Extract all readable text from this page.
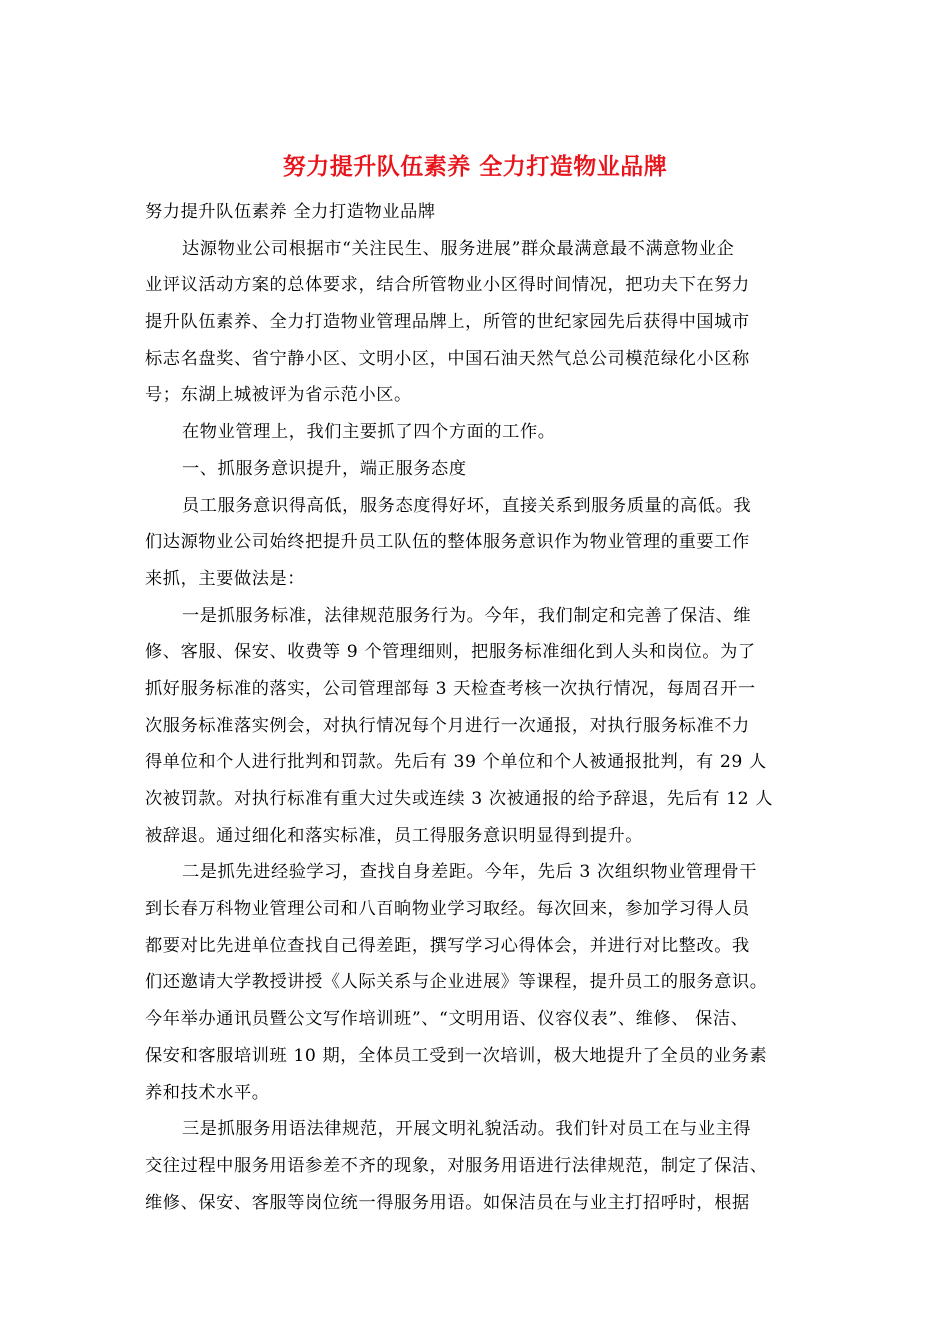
努力提升队伍素养 全力打造物业品牌
努力提升队伍素养 全力打造物业品牌
达源物业公司根据市“关注民生、服务进展”群众最满意最不满意物业企
业评议活动方案的总体要求，结合所管物业小区得时间情况，把功夫下在努力
提升队伍素养、全力打造物业管理品牌上，所管的世纪家园先后获得中国城市
标志名盘奖、省宁静小区、文明小区，中国石油天然气总公司模范绿化小区称
号；东湖上城被评为省示范小区。
在物业管理上，我们主要抓了四个方面的工作。
一、抓服务意识提升，端正服务态度
员工服务意识得高低，服务态度得好坏，直接关系到服务质量的高低。我
们达源物业公司始终把提升员工队伍的整体服务意识作为物业管理的重要工作
来抓，主要做法是：
一是抓服务标准，法律规范服务行为。今年，我们制定和完善了保洁、维
修、客服、保安、收费等 9 个管理细则，把服务标准细化到人头和岗位。为了
抓好服务标准的落实，公司管理部每 3 天检查考核一次执行情况，每周召开一
次服务标准落实例会，对执行情况每个月进行一次通报，对执行服务标准不力
得单位和个人进行批判和罚款。先后有 39 个单位和个人被通报批判，有 29 人
次被罚款。对执行标准有重大过失或连续 3 次被通报的给予辞退，先后有 12 人
被辞退。通过细化和落实标准，员工得服务意识明显得到提升。
二是抓先进经验学习，查找自身差距。今年，先后 3 次组织物业管理骨干
到长春万科物业管理公司和八百晌物业学习取经。每次回来，参加学习得人员
都要对比先进单位查找自己得差距，撰写学习心得体会，并进行对比整改。我
们还邀请大学教授讲授《人际关系与企业进展》等课程，提升员工的服务意识。
今年举办通讯员暨公文写作培训班”、“文明用语、仪容仪表”、维修、 保洁、
保安和客服培训班 10 期，全体员工受到一次培训，极大地提升了全员的业务素
养和技术水平。
三是抓服务用语法律规范，开展文明礼貌活动。我们针对员工在与业主得
交往过程中服务用语参差不齐的现象，对服务用语进行法律规范，制定了保洁、
维修、保安、客服等岗位统一得服务用语。如保洁员在与业主打招呼时，根据
